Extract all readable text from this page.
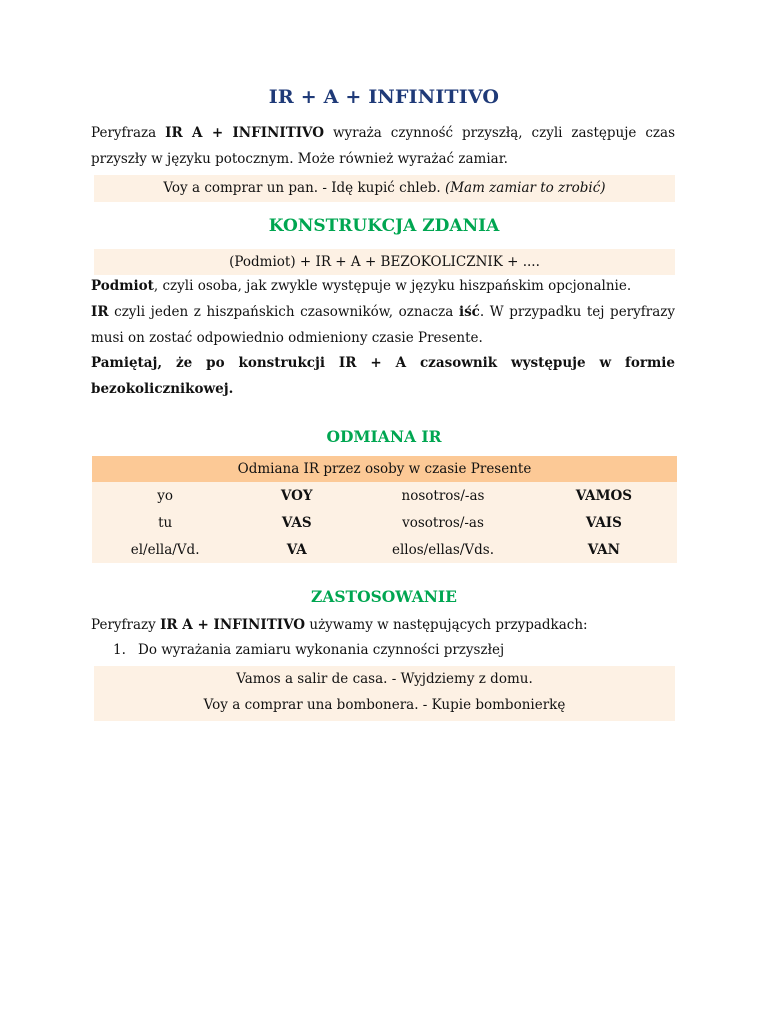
IR + A + INFINITIVO

Peryfraza IR A + INFINITIVO wyraża czynność przyszłą, czyli zastępuje czas przyszły w języku potocznym. Może również wyrażać zamiar.

Voy a comprar un pan. - Idę kupić chleb. (Mam zamiar to zrobić)
KONSTRUKCJA ZDANIA
(Podmiot) + IR + A + BEZOKOLICZNIK + ....

Podmiot, czyli osoba, jak zwykle występuje w języku hiszpańskim opcjonalnie.

IR czyli jeden z hiszpańskich czasowników, oznacza iść. W przypadku tej peryfrazy musi on zostać odpowiednio odmieniony czasie Presente.

Pamiętaj, że po konstrukcji IR + A czasownik występuje w formie bezokolicznikowej.

ODMIANA IR
Odmiana IR przez osoby w czasie Presente			
yo	VOY	nosotros/-as	VAMOS
tu	VAS	vosotros/-as	VAIS
el/ella/Vd.	VA	ellos/ellas/Vds.	VAN
ZASTOSOWANIE

Peryfrazy IR A + INFINITIVO używamy w następujących przypadkach:

1. Do wyrażania zamiaru wykonania czynności przyszłej
Vamos a salir de casa. - Wyjdziemy z domu.
Voy a comprar una bombonera. - Kupie bombonierkę
